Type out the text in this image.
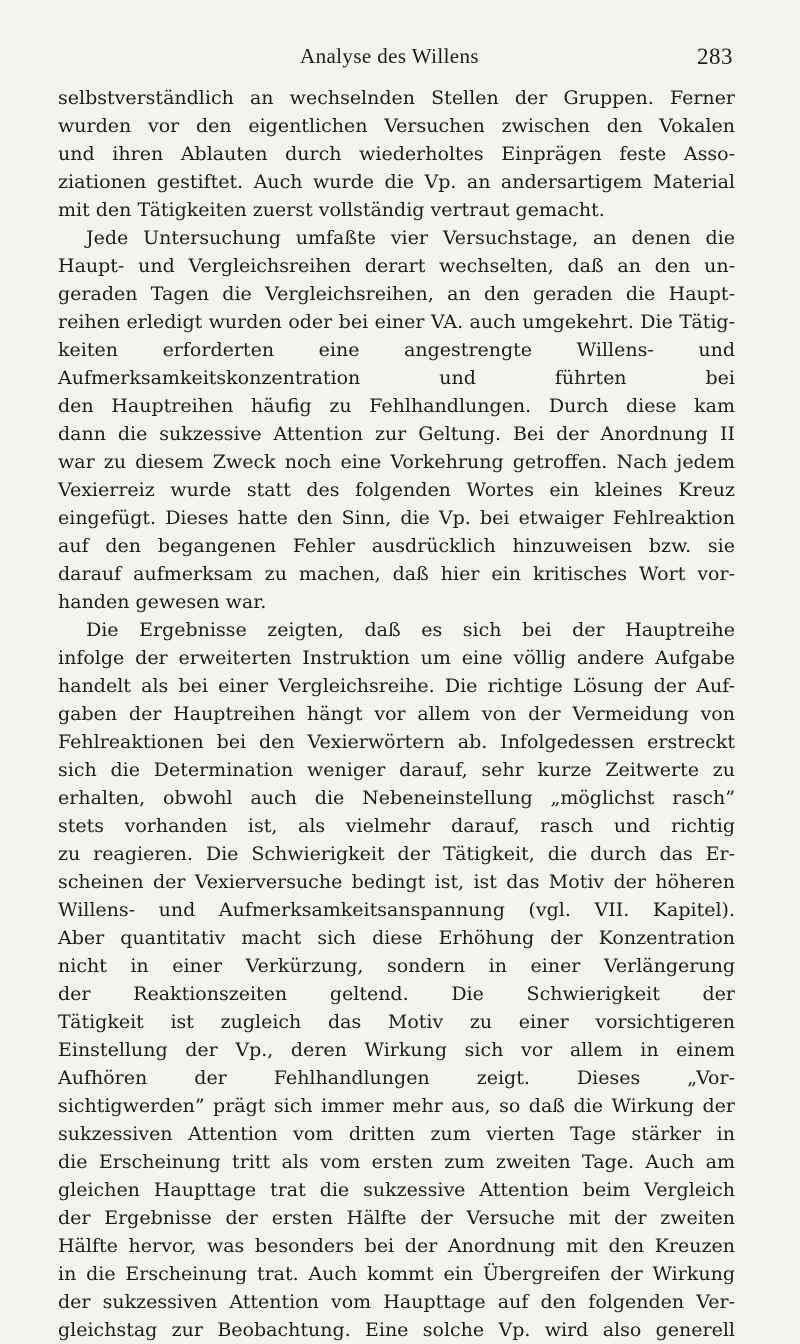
Analyse des Willens	283
selbstverständlich an wechselnden Stellen der Gruppen. Ferner
wurden vor den eigentlichen Versuchen zwischen den Vokalen
und ihren Ablauten durch wiederholtes Einprägen feste Asso-
ziationen gestiftet. Auch wurde die Vp. an andersartigem Material
mit den Tätigkeiten zuerst vollständig vertraut gemacht.
Jede Untersuchung umfaßte vier Versuchstage, an denen die
Haupt- und Vergleichsreihen derart wechselten, daß an den un-
geraden Tagen die Vergleichsreihen, an den geraden die Haupt-
reihen erledigt wurden oder bei einer VA. auch umgekehrt. Die Tätig-
keiten erforderten eine angestrengte Willens- und
Aufmerksamkeitskonzentration und führten bei
den Hauptreihen häufig zu Fehlhandlungen. Durch diese kam
dann die sukzessive Attention zur Geltung. Bei der Anordnung II
war zu diesem Zweck noch eine Vorkehrung getroffen. Nach jedem
Vexierreiz wurde statt des folgenden Wortes ein kleines Kreuz
eingefügt. Dieses hatte den Sinn, die Vp. bei etwaiger Fehlreaktion
auf den begangenen Fehler ausdrücklich hinzuweisen bzw. sie
darauf aufmerksam zu machen, daß hier ein kritisches Wort vor-
handen gewesen war.
Die Ergebnisse zeigten, daß es sich bei der Hauptreihe
infolge der erweiterten Instruktion um eine völlig andere Aufgabe
handelt als bei einer Vergleichsreihe. Die richtige Lösung der Auf-
gaben der Hauptreihen hängt vor allem von der Vermeidung von
Fehlreaktionen bei den Vexierwörtern ab. Infolgedessen erstreckt
sich die Determination weniger darauf, sehr kurze Zeitwerte zu
erhalten, obwohl auch die Nebeneinstellung „möglichst rasch”
stets vorhanden ist, als vielmehr darauf, rasch und richtig
zu reagieren. Die Schwierigkeit der Tätigkeit, die durch das Er-
scheinen der Vexierversuche bedingt ist, ist das Motiv der höheren
Willens- und Aufmerksamkeitsanspannung (vgl. VII. Kapitel).
Aber quantitativ macht sich diese Erhöhung der Konzentration
nicht in einer Verkürzung, sondern in einer Verlängerung
der Reaktionszeiten geltend. Die Schwierigkeit der
Tätigkeit ist zugleich das Motiv zu einer vorsichtigeren
Einstellung der Vp., deren Wirkung sich vor allem in einem
Aufhören der Fehlhandlungen zeigt. Dieses „Vor-
sichtigwerden” prägt sich immer mehr aus, so daß die Wirkung der
sukzessiven Attention vom dritten zum vierten Tage stärker in
die Erscheinung tritt als vom ersten zum zweiten Tage. Auch am
gleichen Haupttage trat die sukzessive Attention beim Vergleich
der Ergebnisse der ersten Hälfte der Versuche mit der zweiten
Hälfte hervor, was besonders bei der Anordnung mit den Kreuzen
in die Erscheinung trat. Auch kommt ein Übergreifen der Wirkung
der sukzessiven Attention vom Haupttage auf den folgenden Ver-
gleichstag zur Beobachtung. Eine solche Vp. wird also generell
